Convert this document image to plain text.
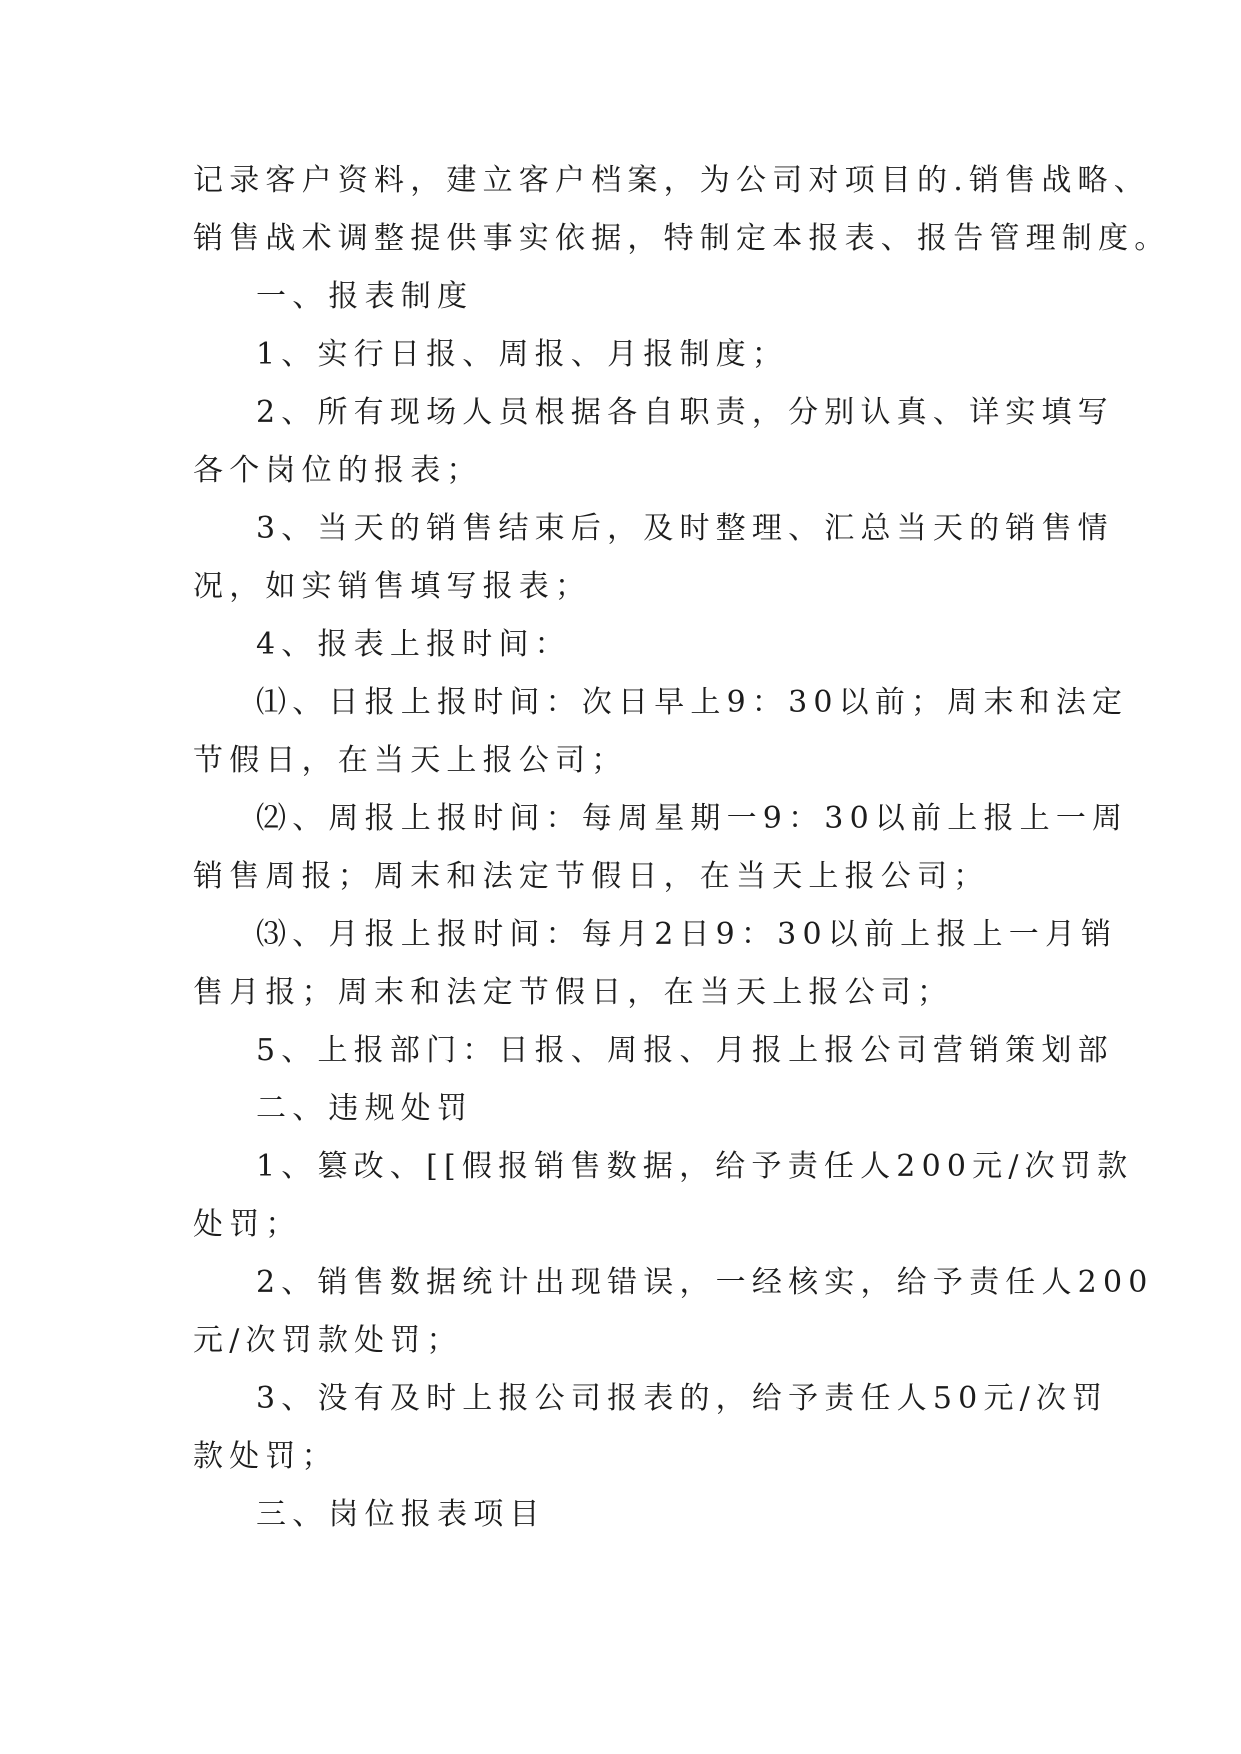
记录客户资料，建立客户档案，为公司对项目的.销售战略、
销售战术调整提供事实依据，特制定本报表、报告管理制度。
一、报表制度
1、实行日报、周报、月报制度；
2、所有现场人员根据各自职责，分别认真、详实填写
各个岗位的报表；
3、当天的销售结束后，及时整理、汇总当天的销售情
况，如实销售填写报表；
4、报表上报时间：
⑴、日报上报时间：次日早上9：30以前；周末和法定
节假日，在当天上报公司；
⑵、周报上报时间：每周星期一9：30以前上报上一周
销售周报；周末和法定节假日，在当天上报公司；
⑶、月报上报时间：每月2日9：30以前上报上一月销
售月报；周末和法定节假日，在当天上报公司；
5、上报部门：日报、周报、月报上报公司营销策划部
二、违规处罚
1、篡改、[[假报销售数据，给予责任人200元/次罚款
处罚；
2、销售数据统计出现错误，一经核实，给予责任人200
元/次罚款处罚；
3、没有及时上报公司报表的，给予责任人50元/次罚
款处罚；
三、岗位报表项目
